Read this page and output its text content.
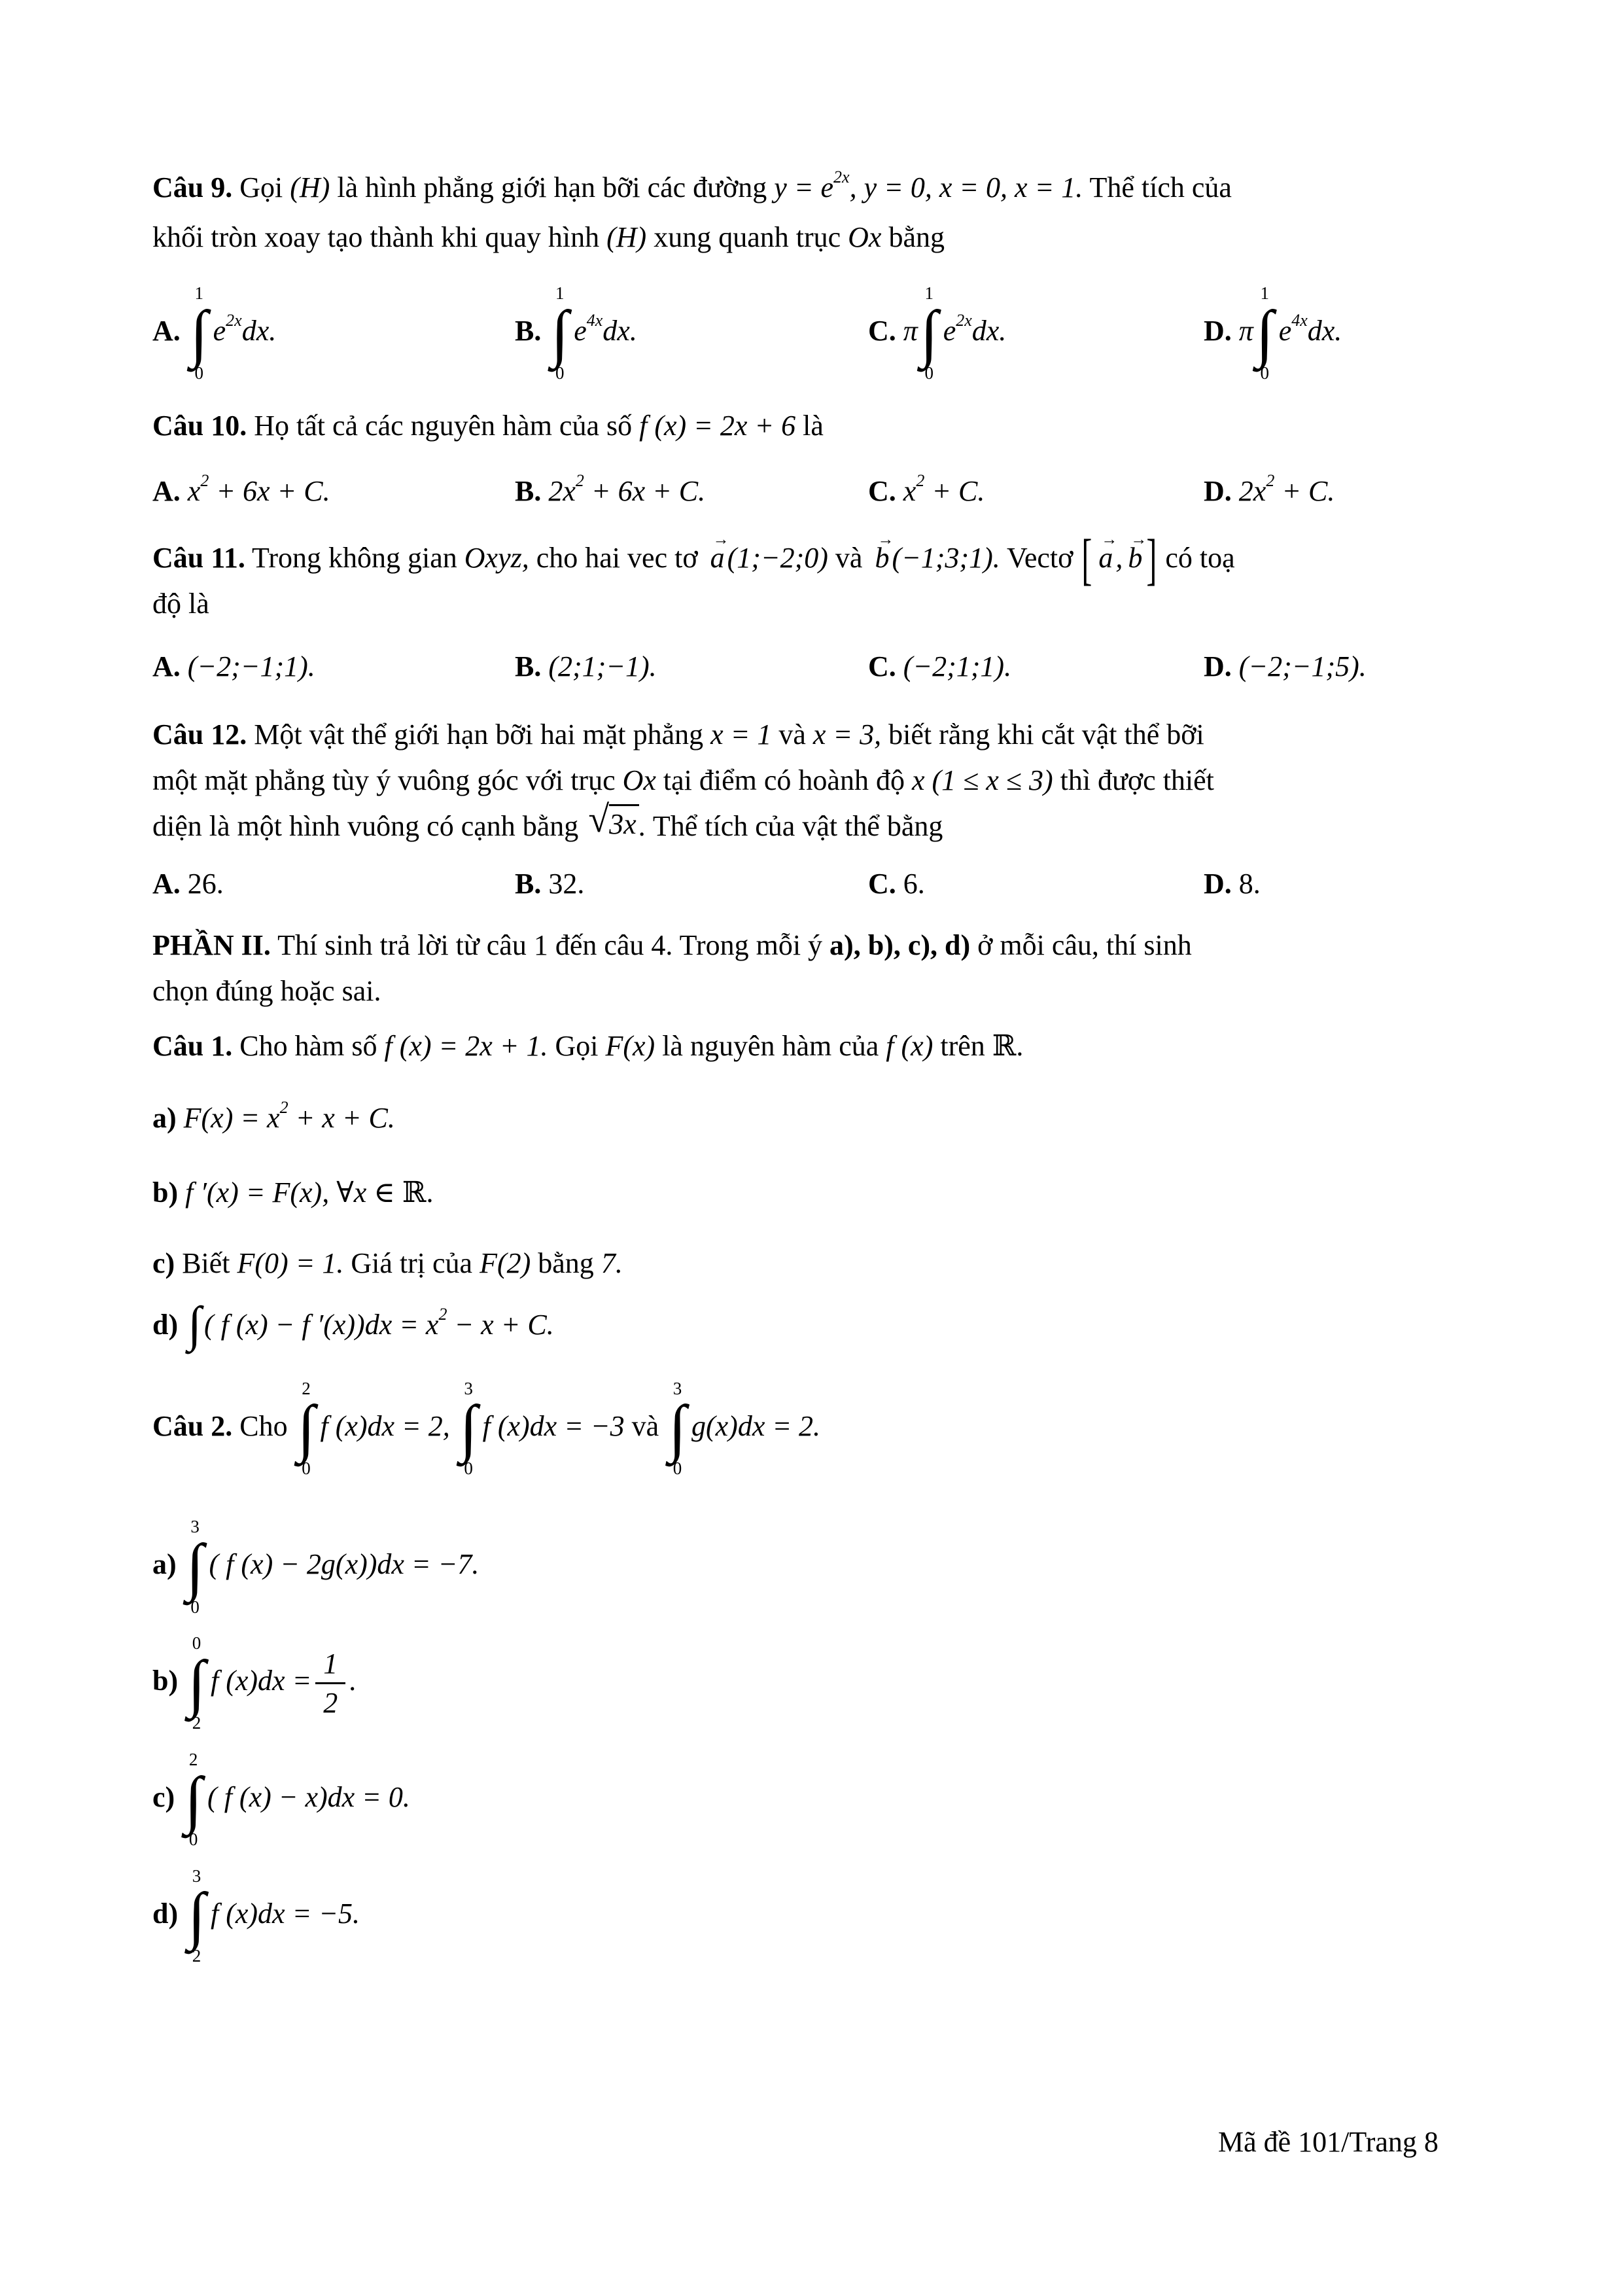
Câu 9. Gọi (H) là hình phẳng giới hạn bỡi các đường $y = e^{2x}$, y = 0, x = 0, x = 1. Thể tích của
khối tròn xoay tạo thành khi quay hình (H) xung quanh trục Ox bằng

A.
1
∫
0
$e^{2x}dx$.	B.
1
∫
0
$e^{4x}dx$.	C. π
1
∫
0
$e^{2x}dx$.	D. π
1
∫
0
$e^{4x}dx$.

Câu 10. Họ tất cả các nguyên hàm của số f (x) = 2x + 6 là

A. $x^2 + 6x + C$.	B. $2x^2 + 6x + C$.	C. $x^2 + C$.	D. $2x^2 + C$.

Câu 11. Trong không gian Oxyz, cho hai vec tơ
→
a(1;−2;0) và
→
b(−1;3;1). Vectơ [ →
a,
→
b ] có toạ
độ là

A. (−2;−1;1).	B. (2;1;−1).	C. (−2;1;1).	D. (−2;−1;5).

Câu 12. Một vật thể giới hạn bỡi hai mặt phẳng x = 1 và x = 3, biết rằng khi cắt vật thể bỡi
một mặt phẳng tùy ý vuông góc với trục Ox tại điểm có hoành độ x (1 ≤ x ≤ 3) thì được thiết
diện là một hình vuông có cạnh bằng √ 3x . Thể tích của vật thể bằng

A. 26.	B. 32.	C. 6.	D. 8.

PHẦN II. Thí sinh trả lời từ câu 1 đến câu 4. Trong mỗi ý a), b), c), d) ở mỗi câu, thí sinh
chọn đúng hoặc sai.

Câu 1. Cho hàm số f (x) = 2x + 1. Gọi F(x) là nguyên hàm của f (x) trên ℝ.

a) $F(x) = x^2 + x + C$.

b) f ′(x) = F(x), ∀x ∈ ℝ.

c) Biết F(0) = 1. Giá trị của F(2) bằng 7.

d) ∫( f (x) − f $'(x))dx = x^2 - x + C$.

Câu 2. Cho
2
∫
0
f (x)dx = 2,
3
∫
0
f (x)dx = −3 và
3
∫
0
g(x)dx = 2.

a)
3
∫
0
( f (x) − 2g(x))dx = −7.

b)
0
∫
2
f $(x)dx = \frac{1}{2}$ .

c)
2
∫
0
( f (x) − x)dx = 0.

d)
3
∫
2
f (x)dx = −5.

Mã đề 101/Trang 8
